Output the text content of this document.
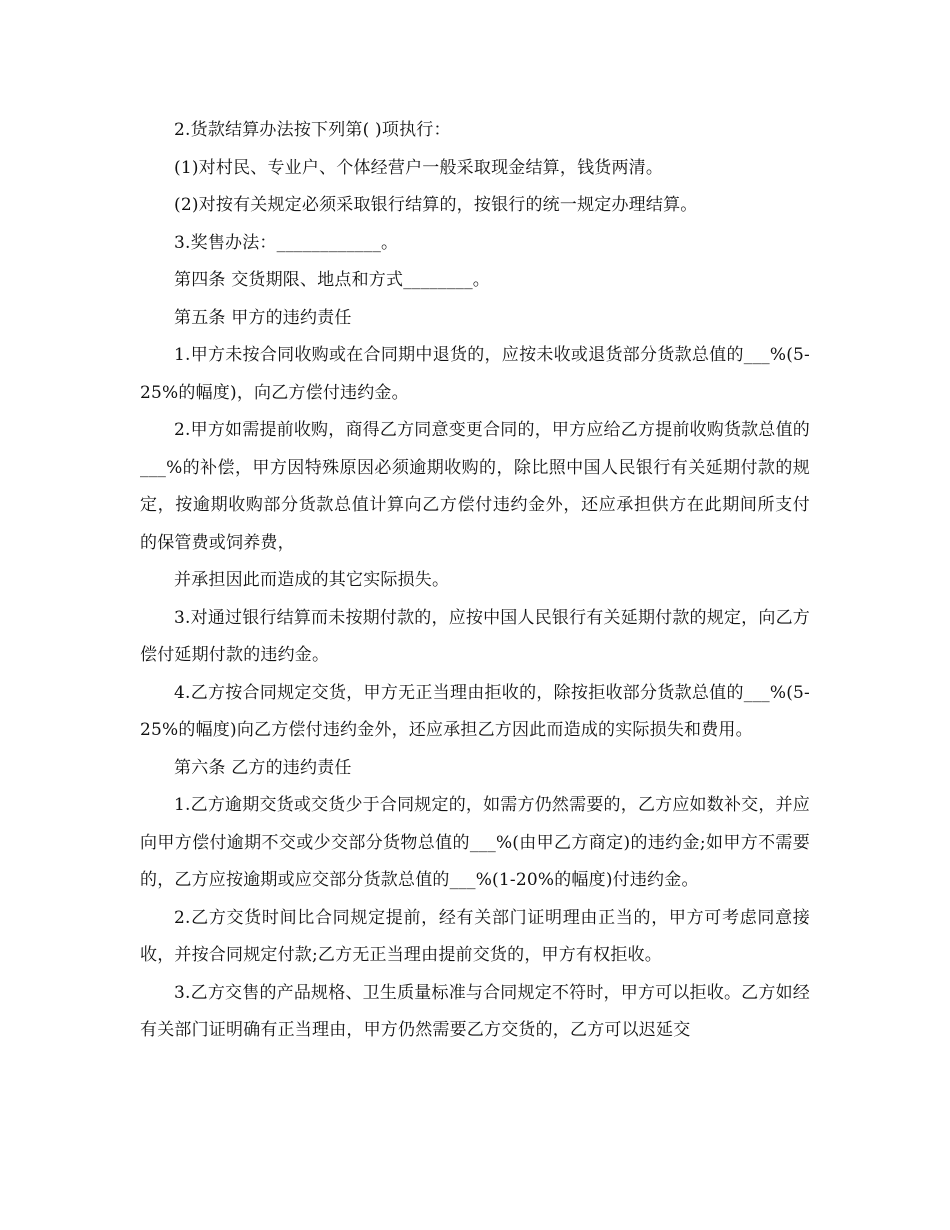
2.货款结算办法按下列第( )项执行：

(1)对村民、专业户、个体经营户一般采取现金结算，钱货两清。

(2)对按有关规定必须采取银行结算的，按银行的统一规定办理结算。

3.奖售办法：____________。

第四条 交货期限、地点和方式________。

第五条 甲方的违约责任

1.甲方未按合同收购或在合同期中退货的，应按未收或退货部分货款总值的___%(5-25%的幅度)，向乙方偿付违约金。

2.甲方如需提前收购，商得乙方同意变更合同的，甲方应给乙方提前收购货款总值的___%的补偿，甲方因特殊原因必须逾期收购的，除比照中国人民银行有关延期付款的规定，按逾期收购部分货款总值计算向乙方偿付违约金外，还应承担供方在此期间所支付的保管费或饲养费，

并承担因此而造成的其它实际损失。

3.对通过银行结算而未按期付款的，应按中国人民银行有关延期付款的规定，向乙方偿付延期付款的违约金。

4.乙方按合同规定交货，甲方无正当理由拒收的，除按拒收部分货款总值的___%(5-25%的幅度)向乙方偿付违约金外，还应承担乙方因此而造成的实际损失和费用。

第六条 乙方的违约责任

1.乙方逾期交货或交货少于合同规定的，如需方仍然需要的，乙方应如数补交，并应向甲方偿付逾期不交或少交部分货物总值的___%(由甲乙方商定)的违约金;如甲方不需要的，乙方应按逾期或应交部分货款总值的___%(1-20%的幅度)付违约金。

2.乙方交货时间比合同规定提前，经有关部门证明理由正当的，甲方可考虑同意接收，并按合同规定付款;乙方无正当理由提前交货的，甲方有权拒收。

3.乙方交售的产品规格、卫生质量标准与合同规定不符时，甲方可以拒收。乙方如经有关部门证明确有正当理由，甲方仍然需要乙方交货的，乙方可以迟延交
